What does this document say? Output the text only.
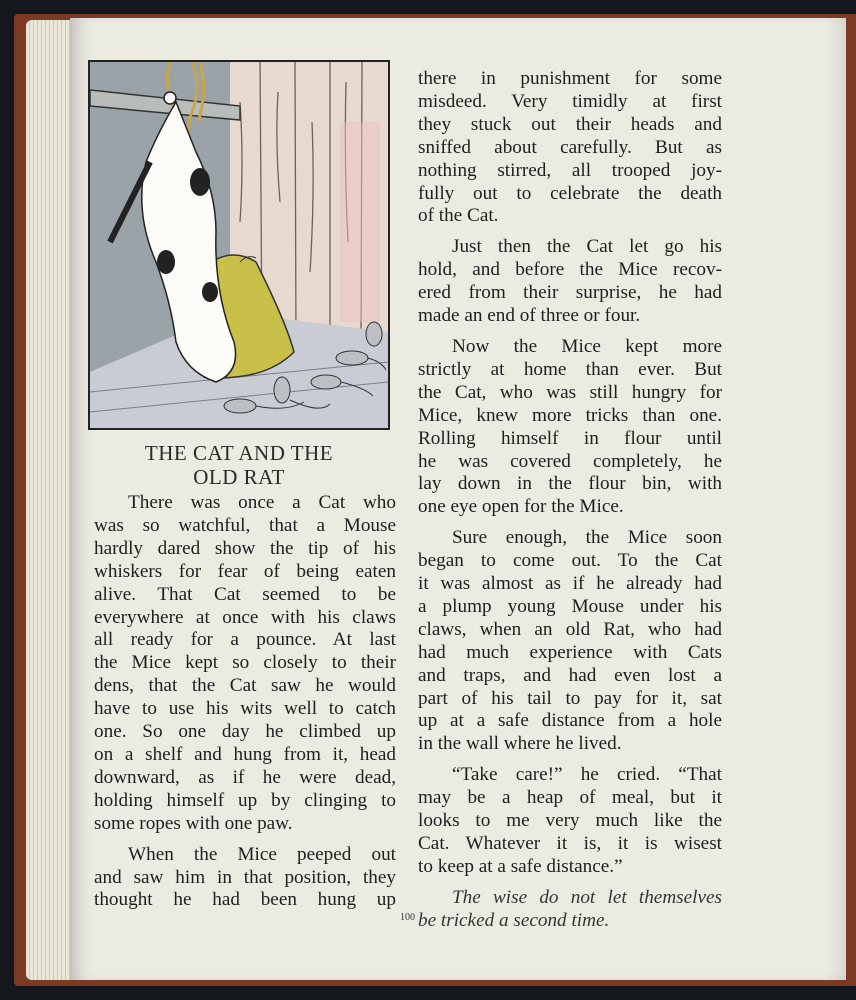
THE CAT AND THE
OLD RAT

There was once a Cat who

was so watchful, that a Mouse

hardly dared show the tip of his

whiskers for fear of being eaten

alive. That Cat seemed to be

everywhere at once with his claws

all ready for a pounce. At last

the Mice kept so closely to their

dens, that the Cat saw he would

have to use his wits well to catch

one. So one day he climbed up

on a shelf and hung from it, head

downward, as if he were dead,

holding himself up by clinging to

some ropes with one paw.

When the Mice peeped out

and saw him in that position, they

thought he had been hung up

there in punishment for some

misdeed. Very timidly at first

they stuck out their heads and

sniffed about carefully. But as

nothing stirred, all trooped joy-

fully out to celebrate the death

of the Cat.

Just then the Cat let go his

hold, and before the Mice recov-

ered from their surprise, he had

made an end of three or four.

Now the Mice kept more

strictly at home than ever. But

the Cat, who was still hungry for

Mice, knew more tricks than one.

Rolling himself in flour until

he was covered completely, he

lay down in the flour bin, with

one eye open for the Mice.

Sure enough, the Mice soon

began to come out. To the Cat

it was almost as if he already had

a plump young Mouse under his

claws, when an old Rat, who had

had much experience with Cats

and traps, and had even lost a

part of his tail to pay for it, sat

up at a safe distance from a hole

in the wall where he lived.

“Take care!” he cried. “That

may be a heap of meal, but it

looks to me very much like the

Cat. Whatever it is, it is wisest

to keep at a safe distance.”

The wise do not let themselves

be tricked a second time.

100
